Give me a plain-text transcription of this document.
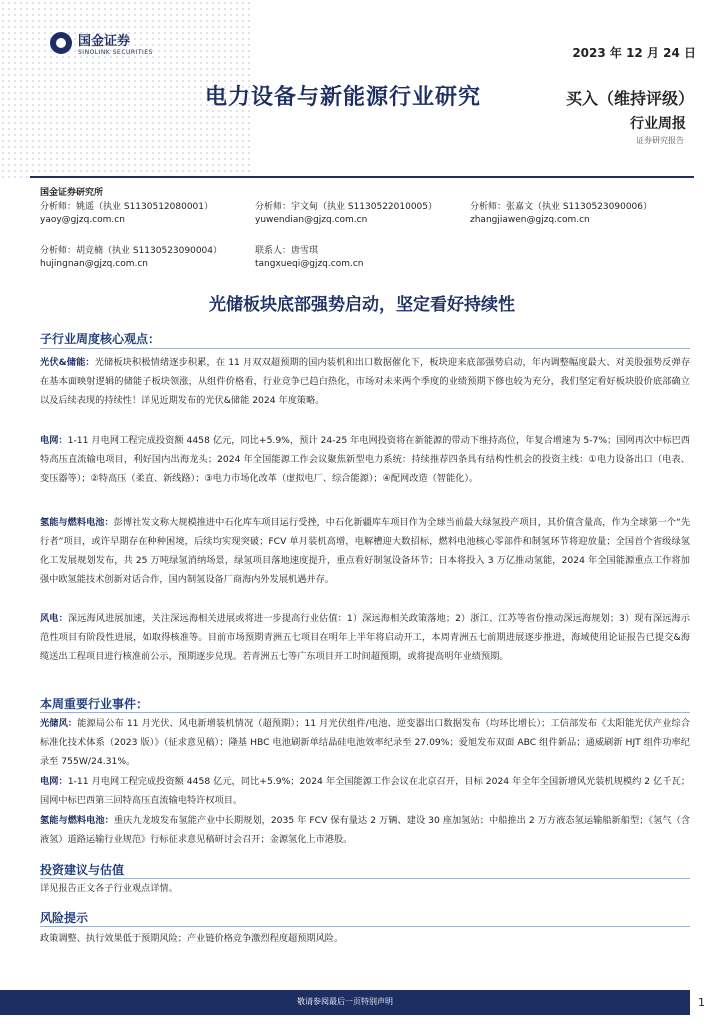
国金证券
SINOLINK SECURITIES	2023 年 12 月 24 日
电力设备与新能源行业研究	买入（维持评级）
行业周报
证券研究报告
国金证券研究所
分析师：姚遥（执业 S1130512080001）
yaoy@gjzq.com.cn
分析师：宇文甸（执业 S1130522010005）
yuwendian@gjzq.com.cn
分析师：张嘉文（执业 S1130523090006）
zhangjiawen@gjzq.com.cn
分析师：胡竞楠（执业 S1130523090004）
hujingnan@gjzq.com.cn
联系人：唐雪琪
tangxueqi@gjzq.com.cn
光储板块底部强势启动，坚定看好持续性
子行业周度核心观点：
光伏&储能：光储板块积极情绪逐步积累，在 11 月双双超预期的国内装机和出口数据催化下，板块迎来底部强势启动，年内调整幅度最大、对美股强势反弹存在基本面映射逻辑的储能子板块领涨，从组件价格看，行业竞争已趋白热化，市场对未来两个季度的业绩预期下修也较为充分，我们坚定看好板块股价底部确立以及后续表现的持续性！详见近期发布的光伏&储能 2024 年度策略。
电网：1-11 月电网工程完成投资额 4458 亿元，同比+5.9%，预计 24-25 年电网投资将在新能源的带动下维持高位，年复合增速为 5-7%；国网再次中标巴西特高压直流输电项目，利好国内出海龙头；2024 年全国能源工作会议聚焦新型电力系统：持续推荐四条具有结构性机会的投资主线：①电力设备出口（电表、变压器等）；②特高压（柔直、新线路）；③电力市场化改革（虚拟电厂、综合能源）；④配网改造（智能化）。
氢能与燃料电池：彭博社发文称大规模推进中石化库车项目运行受挫，中石化新疆库车项目作为全球当前最大绿氢投产项目，其价值含量高，作为全球第一个“先行者”项目，或许早期存在种种困境，后续均实现突破；FCV 单月装机高增，电解槽迎大数招标，燃料电池核心零部件和制氢环节将迎放量；全国首个省级绿氢化工发展规划发布，共 25 万吨绿氢消纳场景，绿氢项目落地速度提升，重点看好制氢设备环节；日本将投入 3 万亿推动氢能，2024 年全国能源重点工作将加强中欧氢能技术创新对话合作，国内制氢设备厂商海内外发展机遇并存。
风电：深远海风进展加速，关注深远海相关进展或将进一步提高行业估值：1）深远海相关政策落地；2）浙江、江苏等省份推动深远海规划；3）现有深远海示范性项目有阶段性进展，如取得核准等。目前市场预期青洲五七项目在明年上半年将启动开工，本周青洲五七前期进展逐步推进，海域使用论证报告已提交&海缆送出工程项目进行核准前公示，预期逐步兑现。若青洲五七等广东项目开工时间超预期，或将提高明年业绩预期。
本周重要行业事件：
光储风：能源局公布 11 月光伏、风电新增装机情况（超预期）；11 月光伏组件/电池、逆变器出口数据发布（均环比增长）；工信部发布《太阳能光伏产业综合标准化技术体系（2023 版）》（征求意见稿）；隆基 HBC 电池刷新单结晶硅电池效率纪录至 27.09%；爱旭发布双面 ABC 组件新品；通威刷新 HJT 组件功率纪录至 755W/24.31%。
电网：1-11 月电网工程完成投资额 4458 亿元，同比+5.9%；2024 年全国能源工作会议在北京召开，目标 2024 年全年全国新增风光装机规模约 2 亿千瓦；国网中标巴西第三回特高压直流输电特许权项目。
氢能与燃料电池：重庆九龙坡发布氢能产业中长期规划，2035 年 FCV 保有量达 2 万辆、建设 30 座加氢站；中船推出 2 万方液态氢运输船新船型；《氢气（含液氢）道路运输行业规范》行标征求意见稿研讨会召开；金源氢化上市港股。
投资建议与估值
详见报告正文各子行业观点详情。
风险提示
政策调整、执行效果低于预期风险；产业链价格竞争激烈程度超预期风险。
敬请参阅最后一页特别声明	1
